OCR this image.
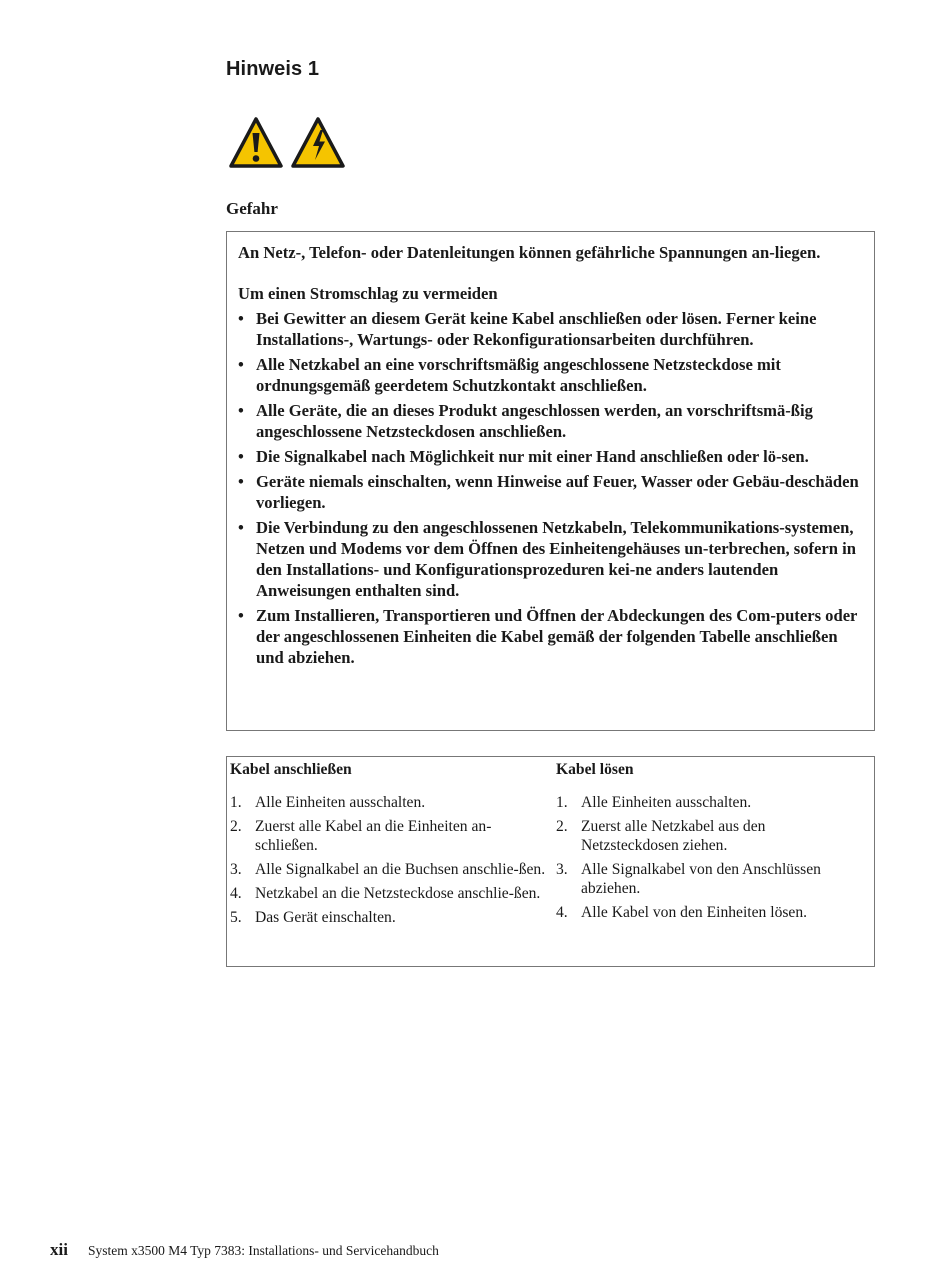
Hinweis 1
Gefahr

An Netz-, Telefon- oder Datenleitungen können gefährliche Spannungen an-liegen.

Um einen Stromschlag zu vermeiden

• Bei Gewitter an diesem Gerät keine Kabel anschließen oder lösen. Ferner keine Installations-, Wartungs- oder Rekonfigurationsarbeiten durchführen.
• Alle Netzkabel an eine vorschriftsmäßig angeschlossene Netzsteckdose mit ordnungsgemäß geerdetem Schutzkontakt anschließen.
• Alle Geräte, die an dieses Produkt angeschlossen werden, an vorschriftsmä-ßig angeschlossene Netzsteckdosen anschließen.
• Die Signalkabel nach Möglichkeit nur mit einer Hand anschließen oder lö-sen.
• Geräte niemals einschalten, wenn Hinweise auf Feuer, Wasser oder Gebäu-deschäden vorliegen.
• Die Verbindung zu den angeschlossenen Netzkabeln, Telekommunikations-systemen, Netzen und Modems vor dem Öffnen des Einheitengehäuses un-terbrechen, sofern in den Installations- und Konfigurationsprozeduren kei-ne anders lautenden Anweisungen enthalten sind.
• Zum Installieren, Transportieren und Öffnen der Abdeckungen des Com-puters oder der angeschlossenen Einheiten die Kabel gemäß der folgenden Tabelle anschließen und abziehen.
Kabel anschließen
1. Alle Einheiten ausschalten.
2. Zuerst alle Kabel an die Einheiten an-schließen.
3. Alle Signalkabel an die Buchsen anschlie-ßen.
4. Netzkabel an die Netzsteckdose anschlie-ßen.
5. Das Gerät einschalten.
Kabel lösen
1. Alle Einheiten ausschalten.
2. Zuerst alle Netzkabel aus den Netzsteckdosen ziehen.
3. Alle Signalkabel von den Anschlüssen abziehen.
4. Alle Kabel von den Einheiten lösen.
xii System x3500 M4 Typ 7383: Installations- und Servicehandbuch
